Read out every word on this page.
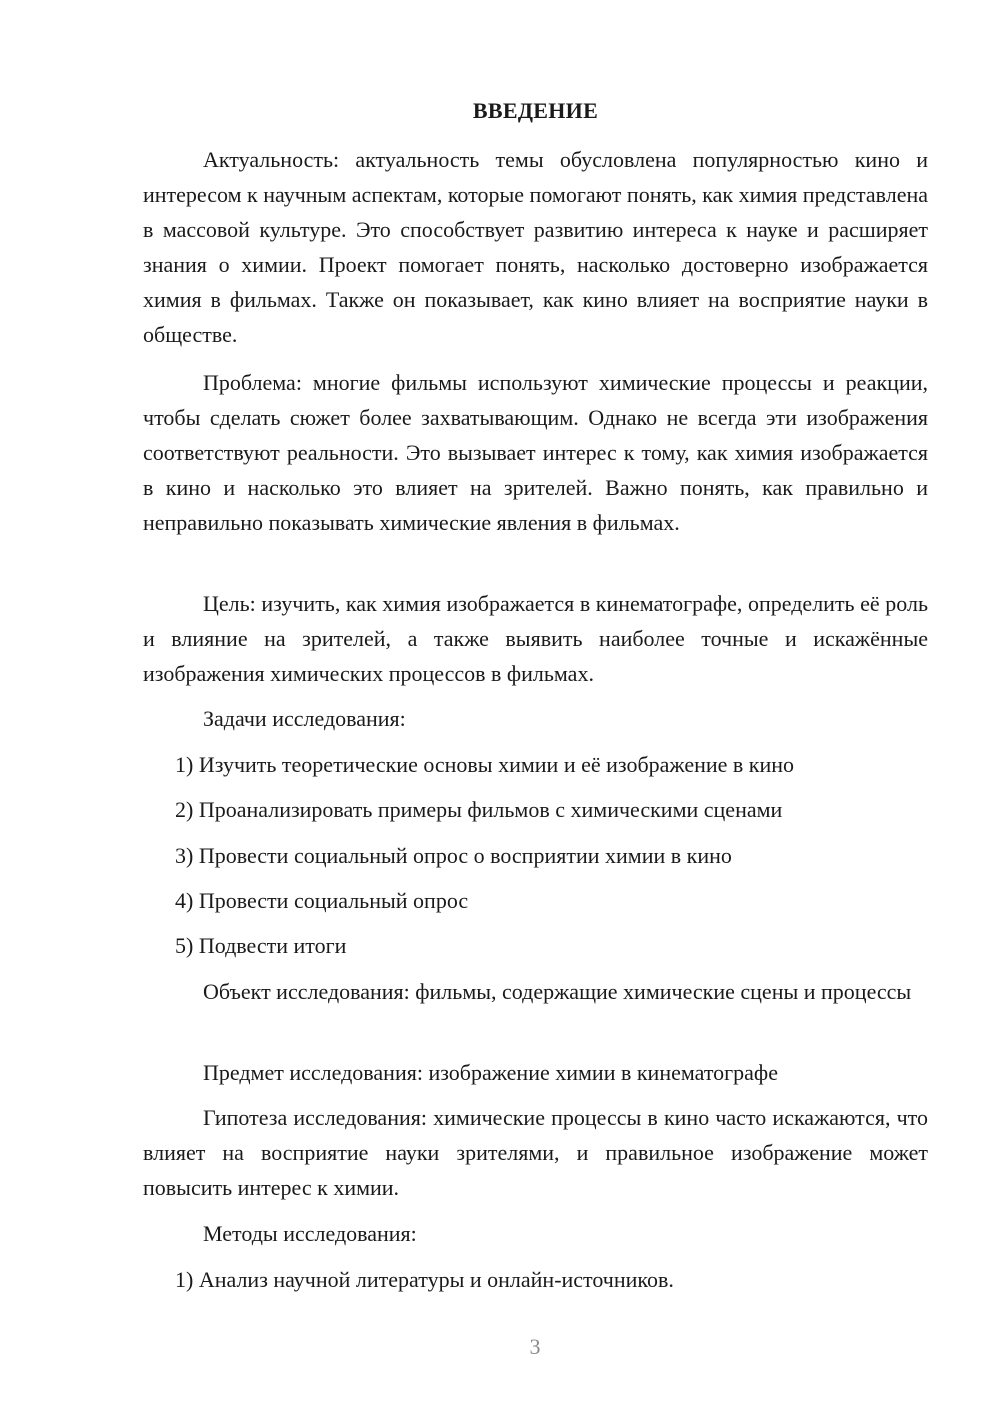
ВВЕДЕНИЕ

Актуальность: актуальность темы обусловлена популярностью кино и интересом к научным аспектам, которые помогают понять, как химия представлена в массовой культуре. Это способствует развитию интереса к науке и расширяет знания о химии. Проект помогает понять, насколько достоверно изображается химия в фильмах. Также он показывает, как кино влияет на восприятие науки в обществе.

Проблема: многие фильмы используют химические процессы и реакции, чтобы сделать сюжет более захватывающим. Однако не всегда эти изображения соответствуют реальности. Это вызывает интерес к тому, как химия изображается в кино и насколько это влияет на зрителей. Важно понять, как правильно и неправильно показывать химические явления в фильмах.

Цель: изучить, как химия изображается в кинематографе, определить её роль и влияние на зрителей, а также выявить наиболее точные и искажённые изображения химических процессов в фильмах.

Задачи исследования:

1) Изучить теоретические основы химии и её изображение в кино

2) Проанализировать примеры фильмов с химическими сценами

3) Провести социальный опрос о восприятии химии в кино

4) Провести социальный опрос

5) Подвести итоги

Объект исследования: фильмы, содержащие химические сцены и процессы

Предмет исследования: изображение химии в кинематографе

Гипотеза исследования: химические процессы в кино часто искажаются, что влияет на восприятие науки зрителями, и правильное изображение может повысить интерес к химии.

Методы исследования:

1) Анализ научной литературы и онлайн-источников.

3
